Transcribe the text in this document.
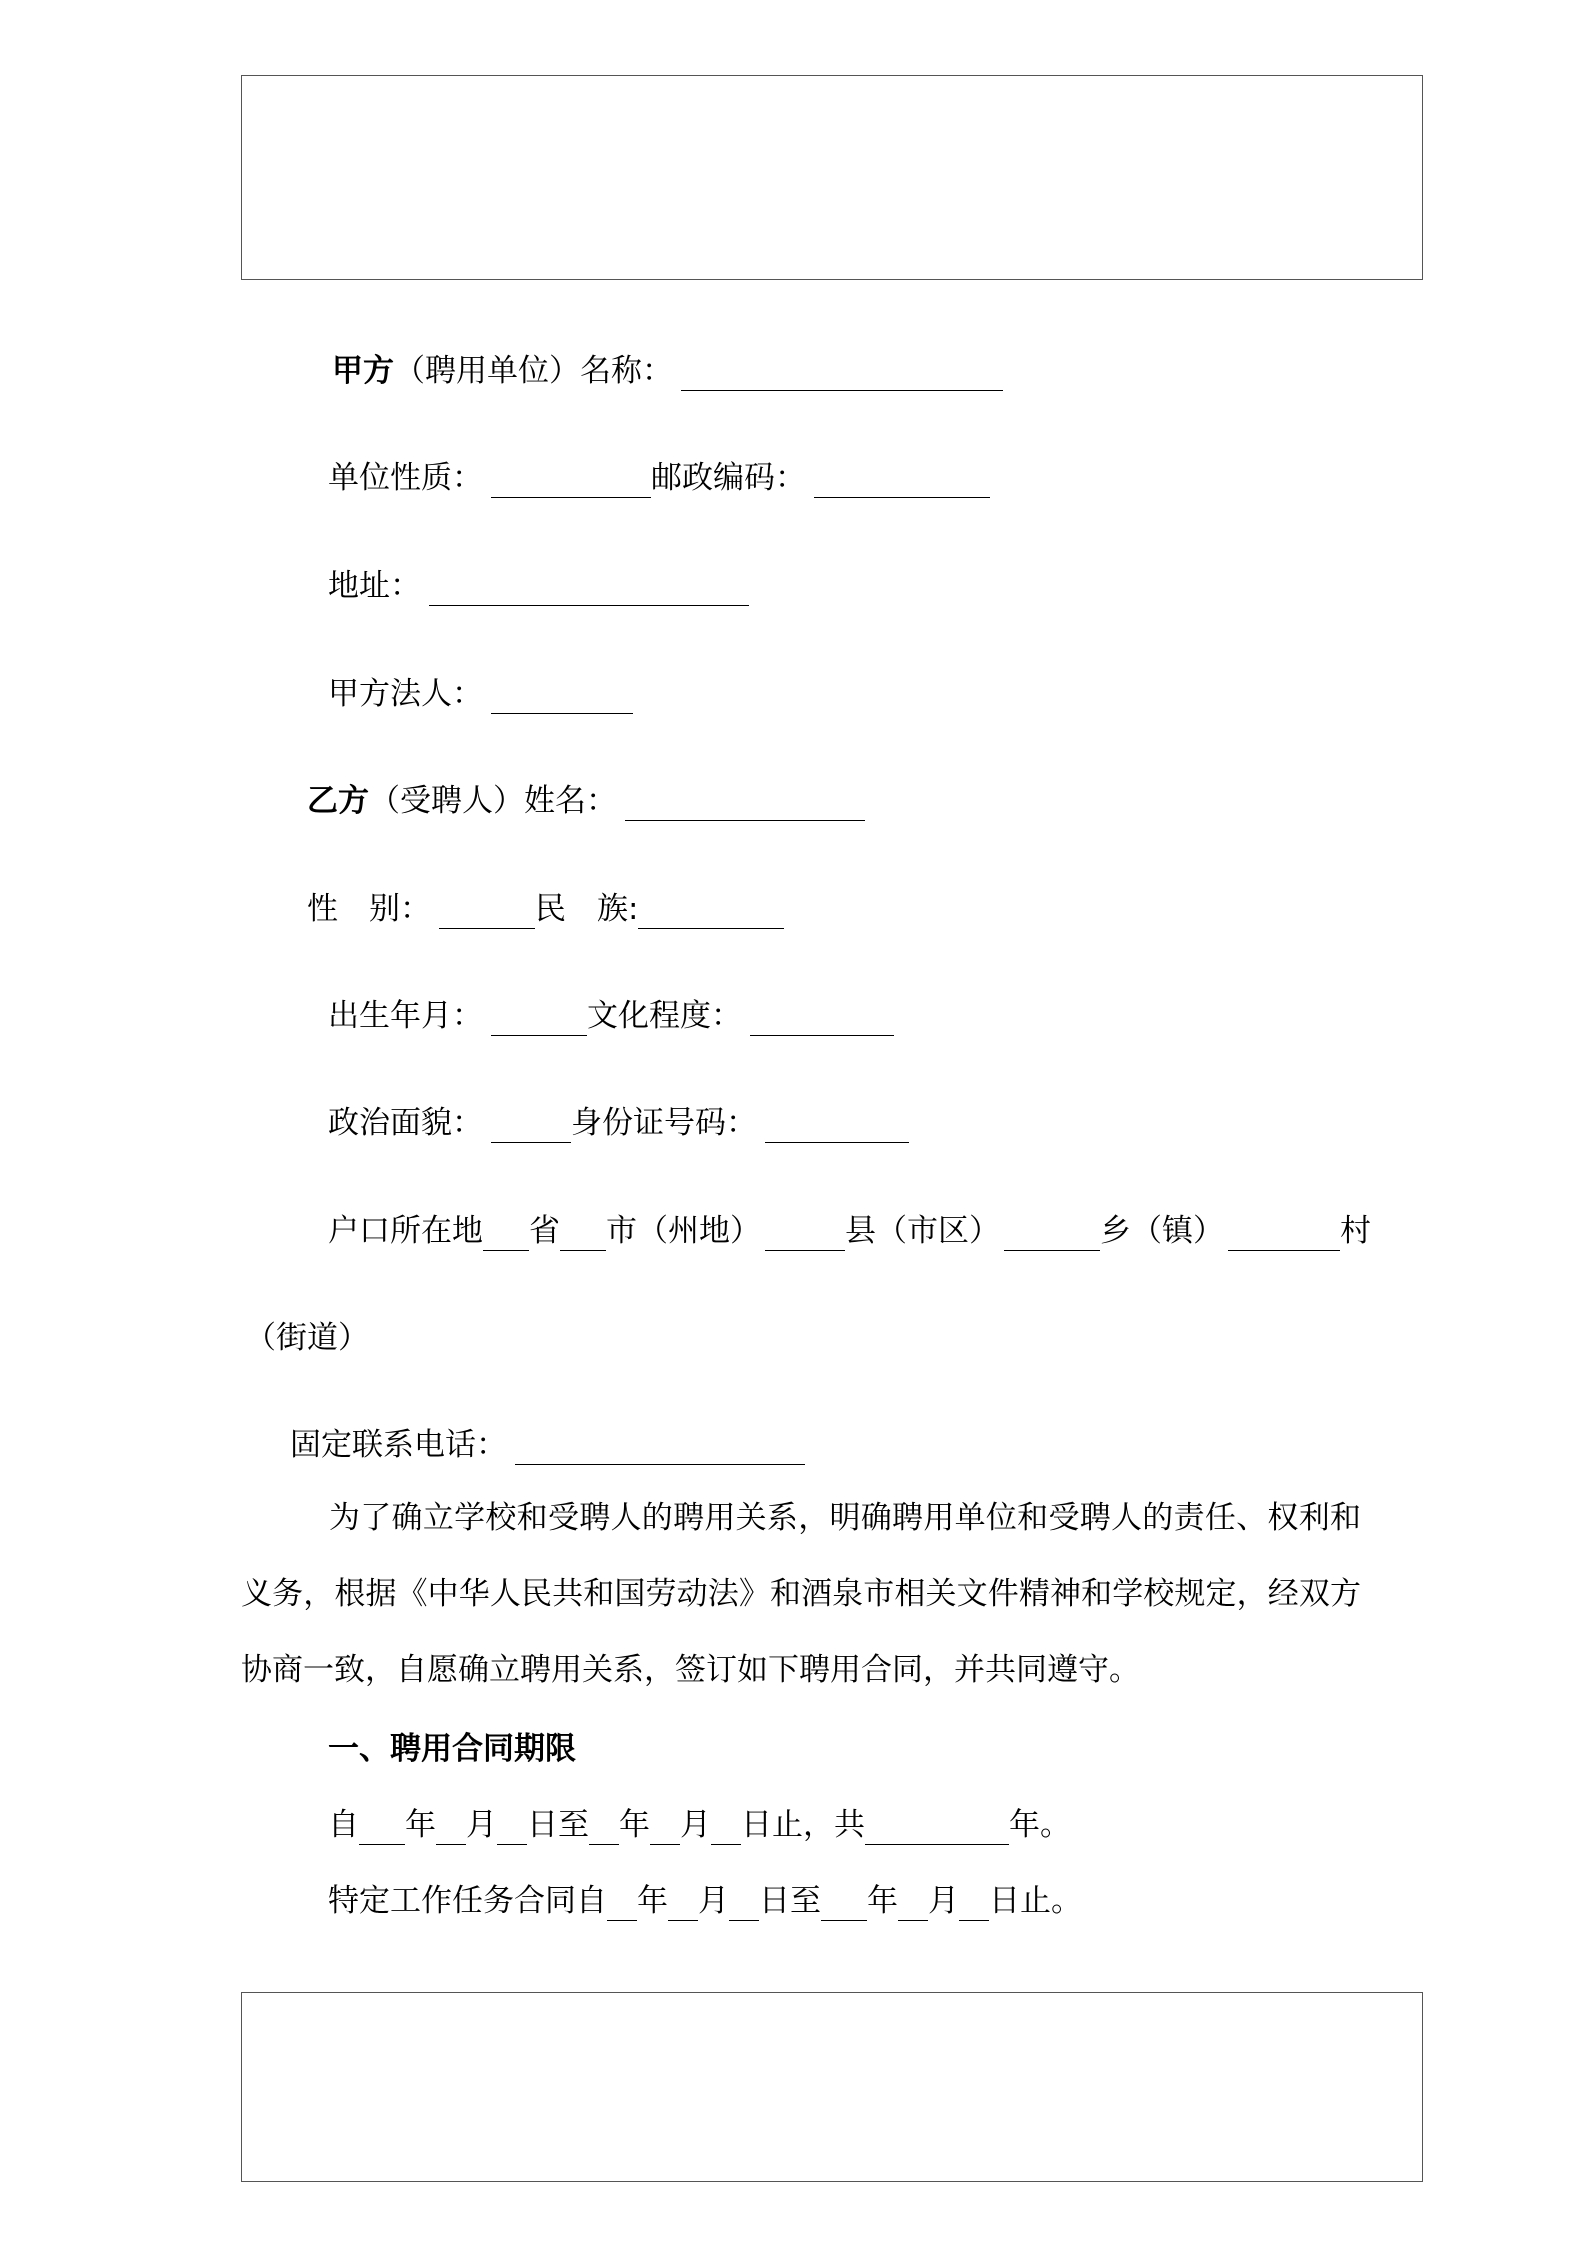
甲方（聘用单位）名称：
单位性质：	邮政编码：
地址：
甲方法人：
乙方（受聘人）姓名：
性　别：	民　族:
出生年月：	文化程度：
政治面貌：	身份证号码：
户口所在地 省 市（州地）	县（市区）	乡（镇）	村
（街道）
固定联系电话：
为了确立学校和受聘人的聘用关系，明确聘用单位和受聘人的责任、权利和义务，根据《中华人民共和国劳动法》和酒泉市相关文件精神和学校规定，经双方协商一致，自愿确立聘用关系，签订如下聘用合同，并共同遵守。
一、聘用合同期限
自 年 月 日至 年 月 日止，共	年。
特定工作任务合同自 年 月 日至 年 月 日止。
